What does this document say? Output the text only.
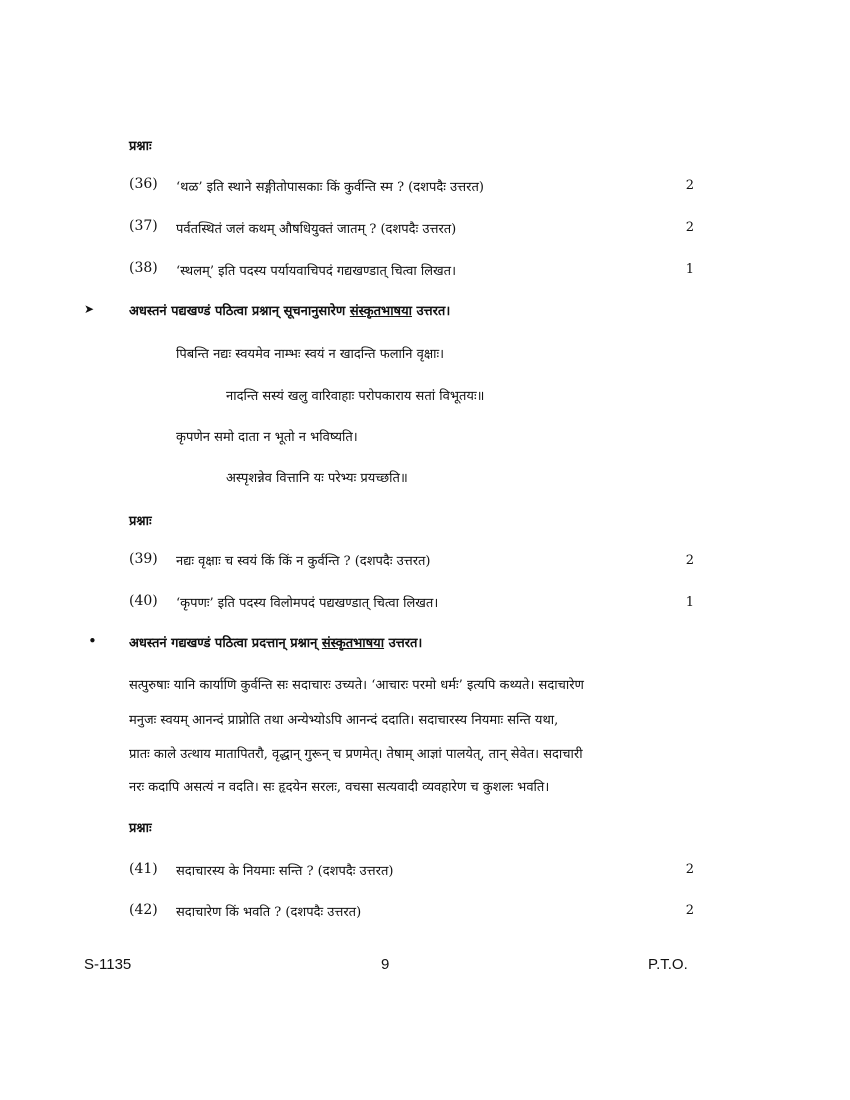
प्रश्नाः
(36) ‘थळ’ इति स्थाने सङ्गीतोपासकाः किं कुर्वन्ति स्म ? (दशपदैः उत्तरत)	2
(37) पर्वतस्थितं जलं कथम् औषधियुक्तं जातम् ? (दशपदैः उत्तरत)	2
(38) ‘स्थलम्’ इति पदस्य पर्यायवाचिपदं गद्यखण्डात् चित्वा लिखत।	1
➤	अधस्तनं पद्यखण्डं पठित्वा प्रश्नान् सूचनानुसारेण संस्कृतभाषया उत्तरत।
पिबन्ति नद्यः स्वयमेव नाम्भः स्वयं न खादन्ति फलानि वृक्षाः।
नादन्ति सस्यं खलु वारिवाहाः परोपकाराय सतां विभूतयः॥
कृपणेन समो दाता न भूतो न भविष्यति।
अस्पृशन्नेव वित्तानि यः परेभ्यः प्रयच्छति॥
प्रश्नाः
(39) नद्यः वृक्षाः च स्वयं किं किं न कुर्वन्ति ? (दशपदैः उत्तरत)	2
(40) ‘कृपणः’ इति पदस्य विलोमपदं पद्यखण्डात् चित्वा लिखत।	1
• अधस्तनं गद्यखण्डं पठित्वा प्रदत्तान् प्रश्नान् संस्कृतभाषया उत्तरत।
सत्पुरुषाः यानि कार्याणि कुर्वन्ति सः सदाचारः उच्यते। ‘आचारः परमो धर्मः’ इत्यपि कथ्यते। सदाचारेण
मनुजः स्वयम् आनन्दं प्राप्नोति तथा अन्येभ्योऽपि आनन्दं ददाति। सदाचारस्य नियमाः सन्ति यथा,
प्रातः काले उत्थाय मातापितरौ, वृद्धान् गुरून् च प्रणमेत्। तेषाम् आज्ञां पालयेत्, तान् सेवेत। सदाचारी
नरः कदापि असत्यं न वदति। सः हृदयेन सरलः, वचसा सत्यवादी व्यवहारेण च कुशलः भवति।
प्रश्नाः
(41) सदाचारस्य के नियमाः सन्ति ? (दशपदैः उत्तरत)	2
(42) सदाचारेण किं भवति ? (दशपदैः उत्तरत)	2
S-1135	9	P.T.O.
